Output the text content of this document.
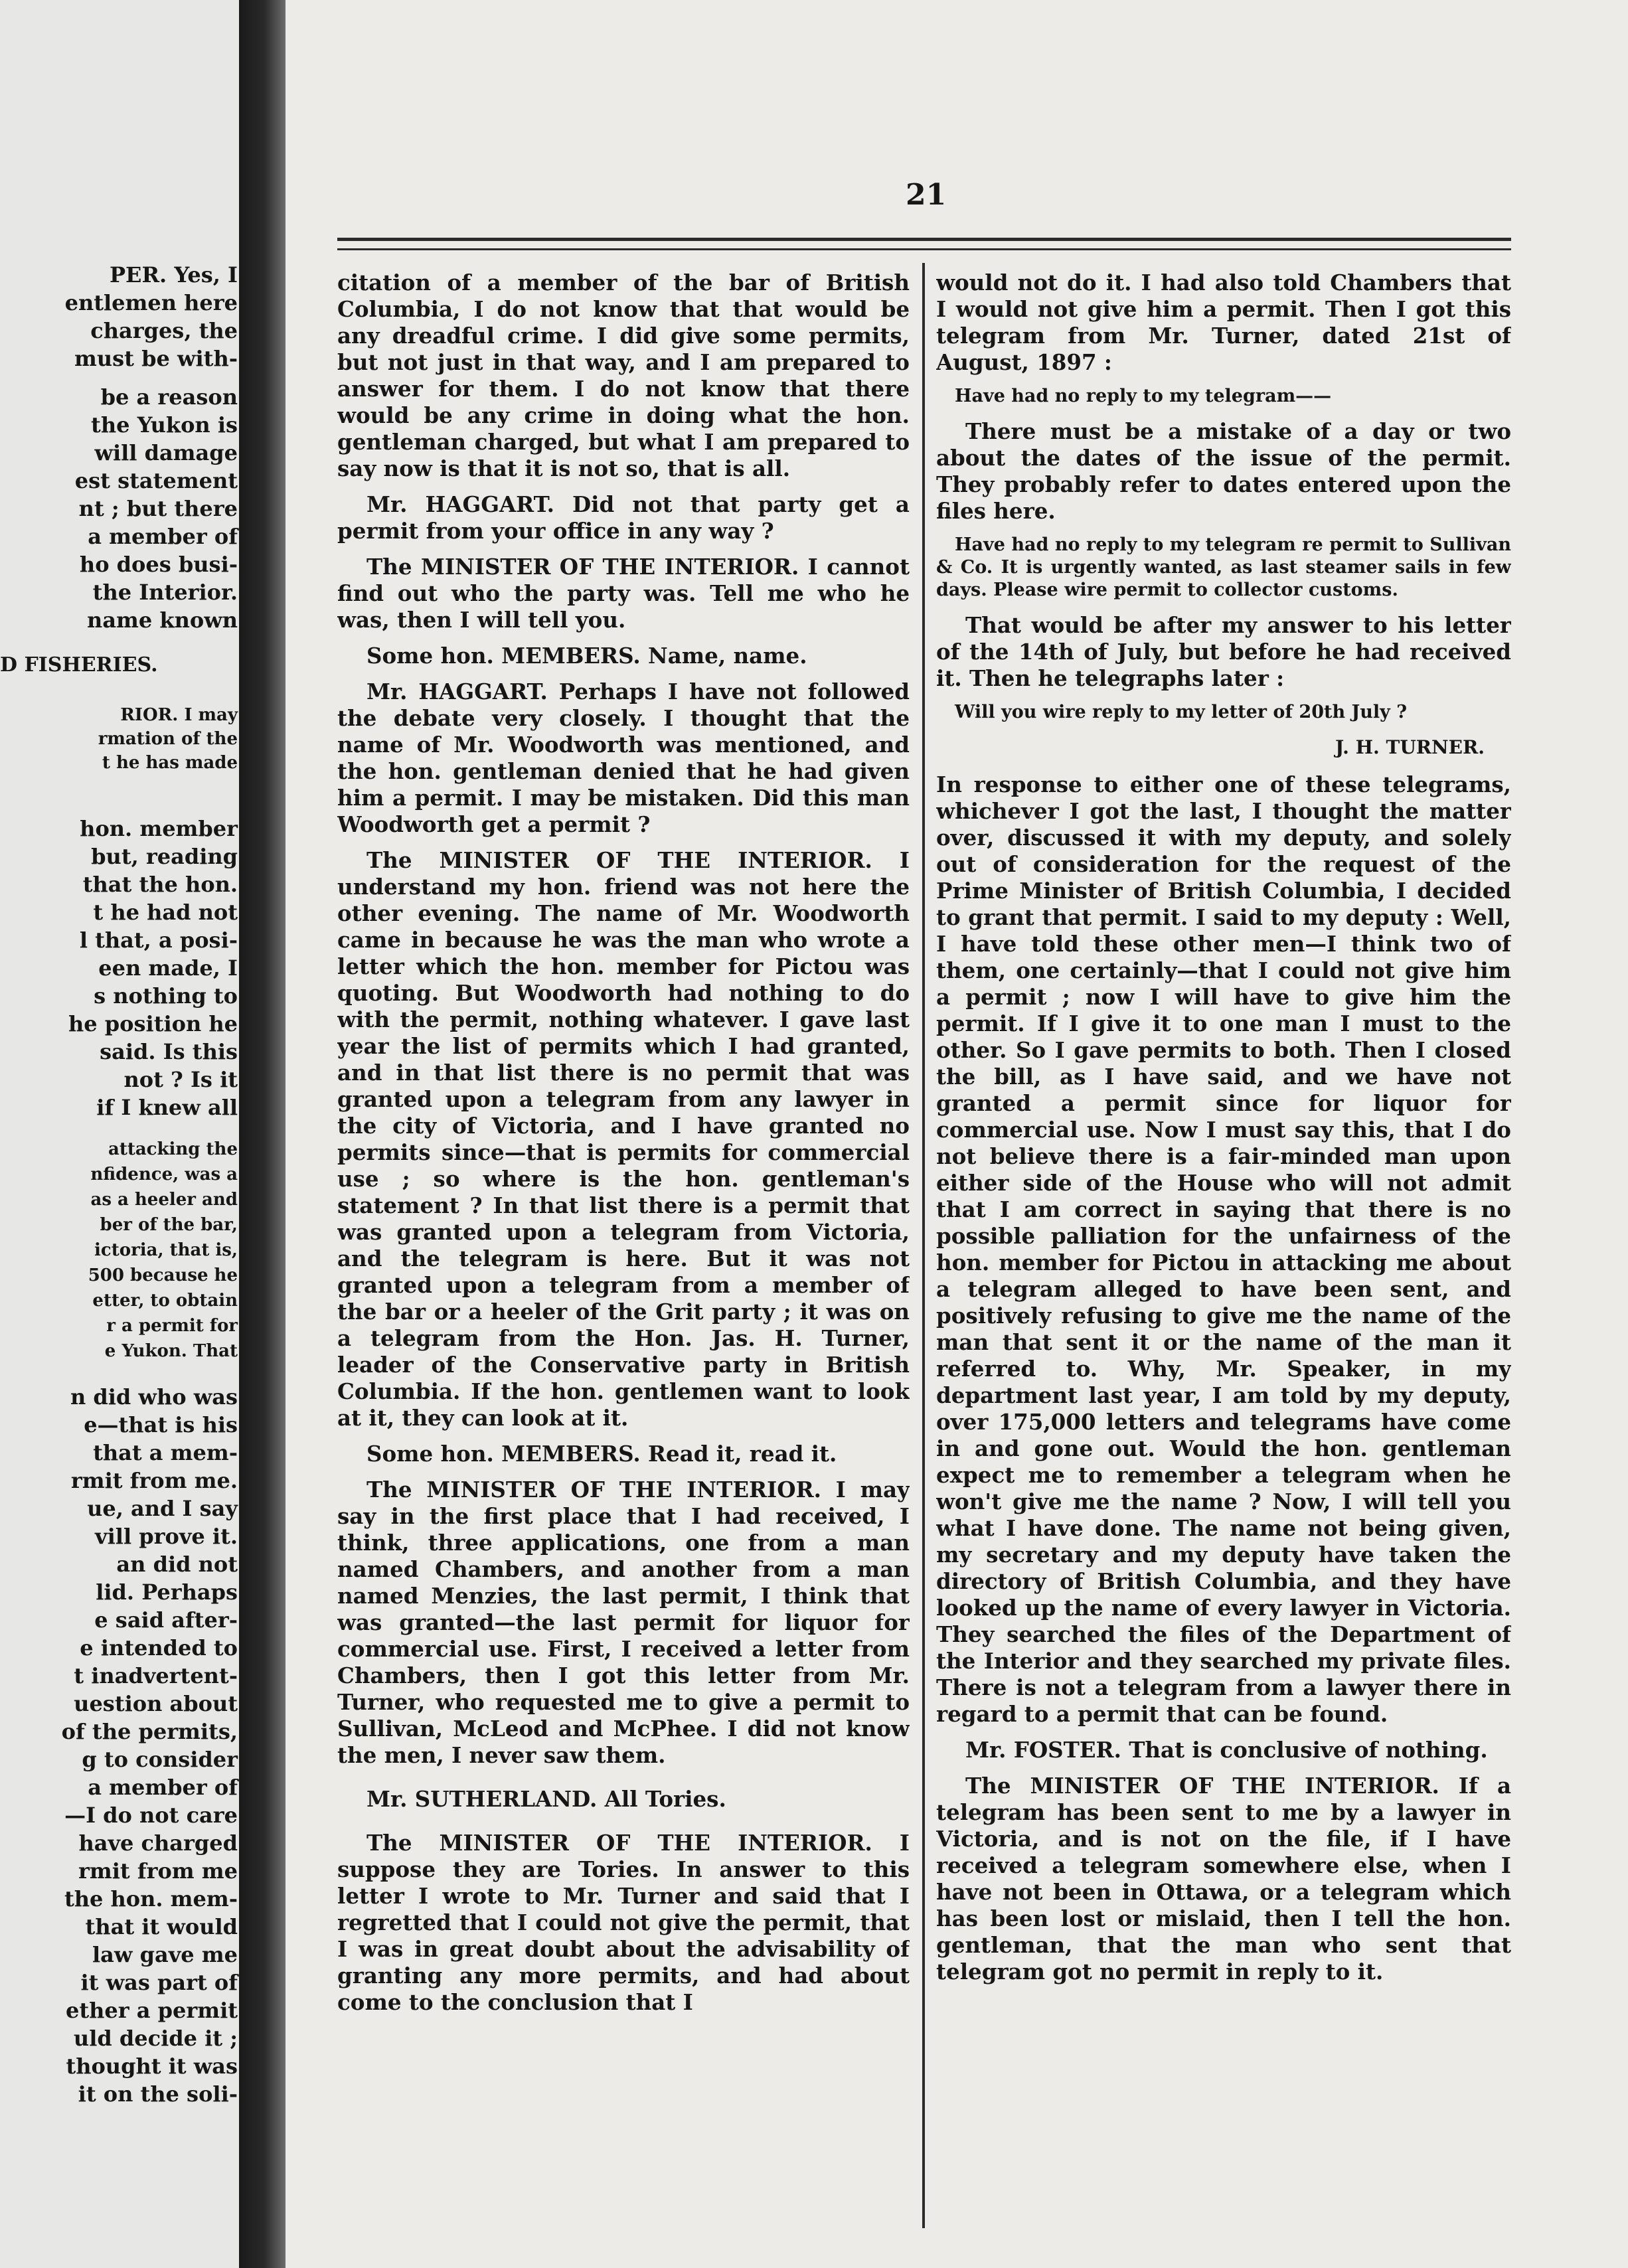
PER. Yes, I
entlemen here
charges, the
must be with-
be a reason
the Yukon is
will damage
est statement
nt ; but there
a member of
ho does busi-
the Interior.
name known
D FISHERIES.
RIOR. I may
rmation of the
t he has made
hon. member
but, reading
that the hon.
t he had not
l that, a posi-
een made, I
s nothing to
he position he
said. Is this
not ? Is it
if I knew all
attacking the
nfidence, was a
as a heeler and
ber of the bar,
ictoria, that is,
500 because he
etter, to obtain
r a permit for
e Yukon. That
n did who was
e—that is his
that a mem-
rmit from me.
ue, and I say
vill prove it.
an did not
lid. Perhaps
e said after-
e intended to
t inadvertent-
uestion about
of the permits,
g to consider
a member of
—I do not care
have charged
rmit from me
the hon. mem-
that it would
law gave me
it was part of
ether a permit
uld decide it ;
thought it was
it on the soli-
21

citation of a member of the bar of British Columbia, I do not know that that would be any dreadful crime. I did give some permits, but not just in that way, and I am prepared to answer for them. I do not know that there would be any crime in doing what the hon. gentleman charged, but what I am prepared to say now is that it is not so, that is all.

Mr. HAGGART. Did not that party get a permit from your office in any way ?

The MINISTER OF THE INTERIOR. I cannot find out who the party was. Tell me who he was, then I will tell you.

Some hon. MEMBERS. Name, name.

Mr. HAGGART. Perhaps I have not followed the debate very closely. I thought that the name of Mr. Woodworth was mentioned, and the hon. gentleman denied that he had given him a permit. I may be mistaken. Did this man Woodworth get a permit ?

The MINISTER OF THE INTERIOR. I understand my hon. friend was not here the other evening. The name of Mr. Woodworth came in because he was the man who wrote a letter which the hon. member for Pictou was quoting. But Woodworth had nothing to do with the permit, nothing whatever. I gave last year the list of permits which I had granted, and in that list there is no permit that was granted upon a telegram from any lawyer in the city of Victoria, and I have granted no permits since—that is permits for commercial use ; so where is the hon. gentleman's statement ? In that list there is a permit that was granted upon a telegram from Victoria, and the telegram is here. But it was not granted upon a telegram from a member of the bar or a heeler of the Grit party ; it was on a telegram from the Hon. Jas. H. Turner, leader of the Conservative party in British Columbia. If the hon. gentlemen want to look at it, they can look at it.

Some hon. MEMBERS. Read it, read it.

The MINISTER OF THE INTERIOR. I may say in the first place that I had received, I think, three applications, one from a man named Chambers, and another from a man named Menzies, the last permit, I think that was granted—the last permit for liquor for commercial use. First, I received a letter from Chambers, then I got this letter from Mr. Turner, who requested me to give a permit to Sullivan, McLeod and McPhee. I did not know the men, I never saw them.

Mr. SUTHERLAND. All Tories.

The MINISTER OF THE INTERIOR. I suppose they are Tories. In answer to this letter I wrote to Mr. Turner and said that I regretted that I could not give the permit, that I was in great doubt about the advisability of granting any more permits, and had about come to the conclusion that I

would not do it. I had also told Chambers that I would not give him a permit. Then I got this telegram from Mr. Turner, dated 21st of August, 1897 :

Have had no reply to my telegram——

There must be a mistake of a day or two about the dates of the issue of the permit. They probably refer to dates entered upon the files here.

Have had no reply to my telegram re permit to Sullivan & Co. It is urgently wanted, as last steamer sails in few days. Please wire permit to collector customs.

That would be after my answer to his letter of the 14th of July, but before he had received it. Then he telegraphs later :

Will you wire reply to my letter of 20th July ?

J. H. TURNER.

In response to either one of these telegrams, whichever I got the last, I thought the matter over, discussed it with my deputy, and solely out of consideration for the request of the Prime Minister of British Columbia, I decided to grant that permit. I said to my deputy : Well, I have told these other men—I think two of them, one certainly—that I could not give him a permit ; now I will have to give him the permit. If I give it to one man I must to the other. So I gave permits to both. Then I closed the bill, as I have said, and we have not granted a permit since for liquor for commercial use. Now I must say this, that I do not believe there is a fair-minded man upon either side of the House who will not admit that I am correct in saying that there is no possible palliation for the unfairness of the hon. member for Pictou in attacking me about a telegram alleged to have been sent, and positively refusing to give me the name of the man that sent it or the name of the man it referred to. Why, Mr. Speaker, in my department last year, I am told by my deputy, over 175,000 letters and telegrams have come in and gone out. Would the hon. gentleman expect me to remember a telegram when he won't give me the name ? Now, I will tell you what I have done. The name not being given, my secretary and my deputy have taken the directory of British Columbia, and they have looked up the name of every lawyer in Victoria. They searched the files of the Department of the Interior and they searched my private files. There is not a telegram from a lawyer there in regard to a permit that can be found.

Mr. FOSTER. That is conclusive of nothing.

The MINISTER OF THE INTERIOR. If a telegram has been sent to me by a lawyer in Victoria, and is not on the file, if I have received a telegram somewhere else, when I have not been in Ottawa, or a telegram which has been lost or mislaid, then I tell the hon. gentleman, that the man who sent that telegram got no permit in reply to it.
